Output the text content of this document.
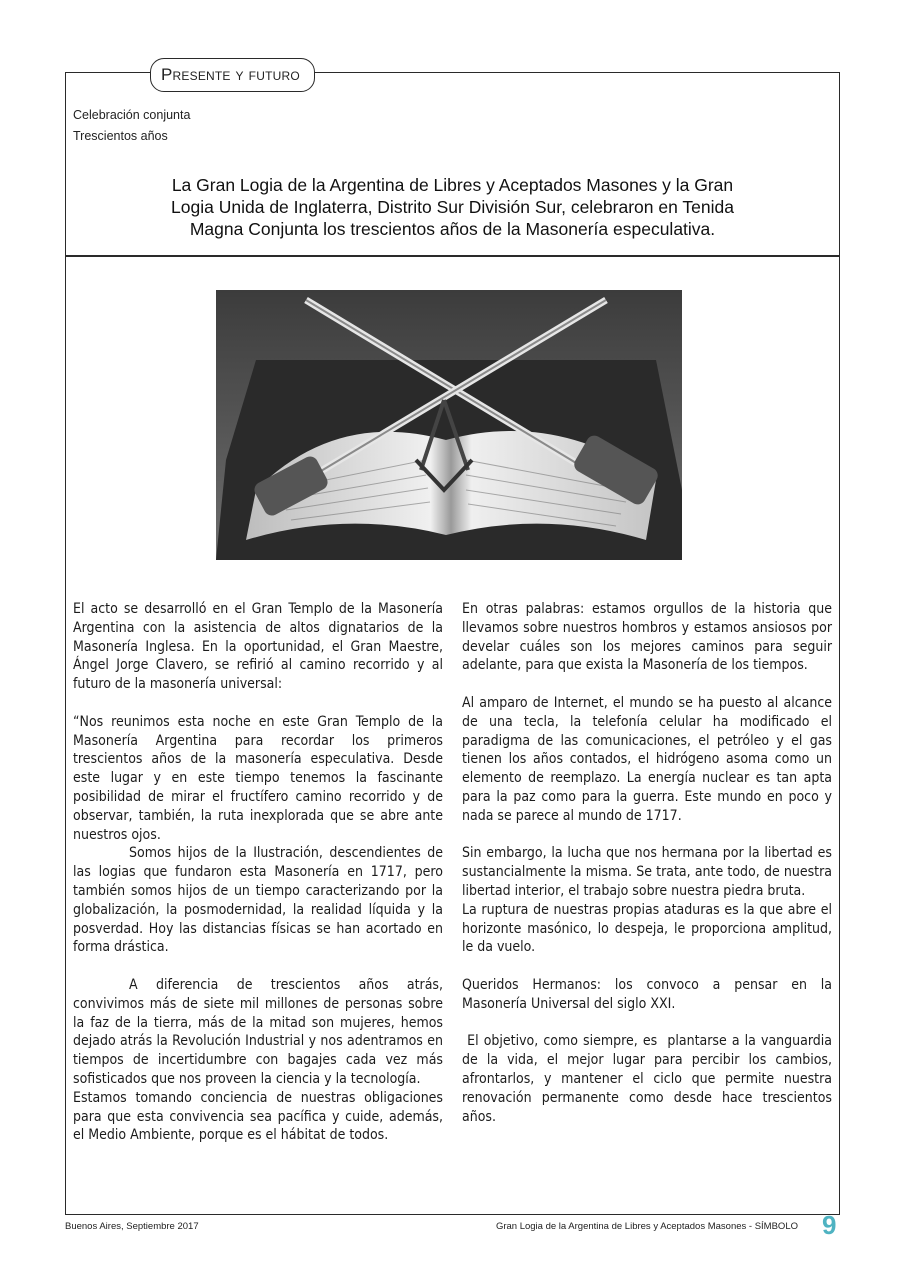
Presente y futuro
Celebración conjunta
Trescientos años
La Gran Logia de la Argentina de Libres y Aceptados Masones y la Gran
Logia Unida de Inglaterra, Distrito Sur División Sur, celebraron en Tenida
Magna Conjunta los trescientos años de la Masonería especulativa.

El acto se desarrolló en el Gran Templo de la Masonería Argentina con la asistencia de altos dignatarios de la Masonería Inglesa. En la oportunidad, el Gran Maestre, Ángel Jorge Clavero, se refirió al camino recorrido y al futuro de la masonería universal:

“Nos reunimos esta noche en este Gran Templo de la Masonería Argentina para recordar los primeros trescientos años de la masonería especulativa. Desde este lugar y en este tiempo tenemos la fascinante posibilidad de mirar el fructífero camino recorrido y de observar, también, la ruta inexplorada que se abre ante nuestros ojos.

Somos hijos de la Ilustración, descendientes de las logias que fundaron esta Masonería en 1717, pero también somos hijos de un tiempo caracterizando por la globalización, la posmodernidad, la realidad líquida y la posverdad. Hoy las distancias físicas se han acortado en forma drástica.

A diferencia de trescientos años atrás, convivimos más de siete mil millones de personas sobre la faz de la tierra, más de la mitad son mujeres, hemos dejado atrás la Revolución Industrial y nos adentramos en tiempos de incertidumbre con bagajes cada vez más sofisticados que nos proveen la ciencia y la tecnología.

Estamos tomando conciencia de nuestras obligaciones para que esta convivencia sea pacífica y cuide, además, el Medio Ambiente, porque es el hábitat de todos.

En otras palabras: estamos orgullos de la historia que llevamos sobre nuestros hombros y estamos ansiosos por develar cuáles son los mejores caminos para seguir adelante, para que exista la Masonería de los tiempos.

Al amparo de Internet, el mundo se ha puesto al alcance de una tecla, la telefonía celular ha modificado el paradigma de las comunicaciones, el petróleo y el gas tienen los años contados, el hidrógeno asoma como un elemento de reemplazo. La energía nuclear es tan apta para la paz como para la guerra. Este mundo en poco y nada se parece al mundo de 1717.

Sin embargo, la lucha que nos hermana por la libertad es sustancialmente la misma. Se trata, ante todo, de nuestra libertad interior, el trabajo sobre nuestra piedra bruta.

La ruptura de nuestras propias ataduras es la que abre el horizonte masónico, lo despeja, le proporciona amplitud, le da vuelo.

Queridos Hermanos: los convoco a pensar en la Masonería Universal del siglo XXI.

El objetivo, como siempre, es  plantarse a la vanguardia de la vida, el mejor lugar para percibir los cambios, afrontarlos, y mantener el ciclo que permite nuestra renovación permanente como desde hace trescientos años.

Buenos Aires, Septiembre 2017	Gran Logia de la Argentina de Libres y Aceptados Masones - SÍMBOLO 9
